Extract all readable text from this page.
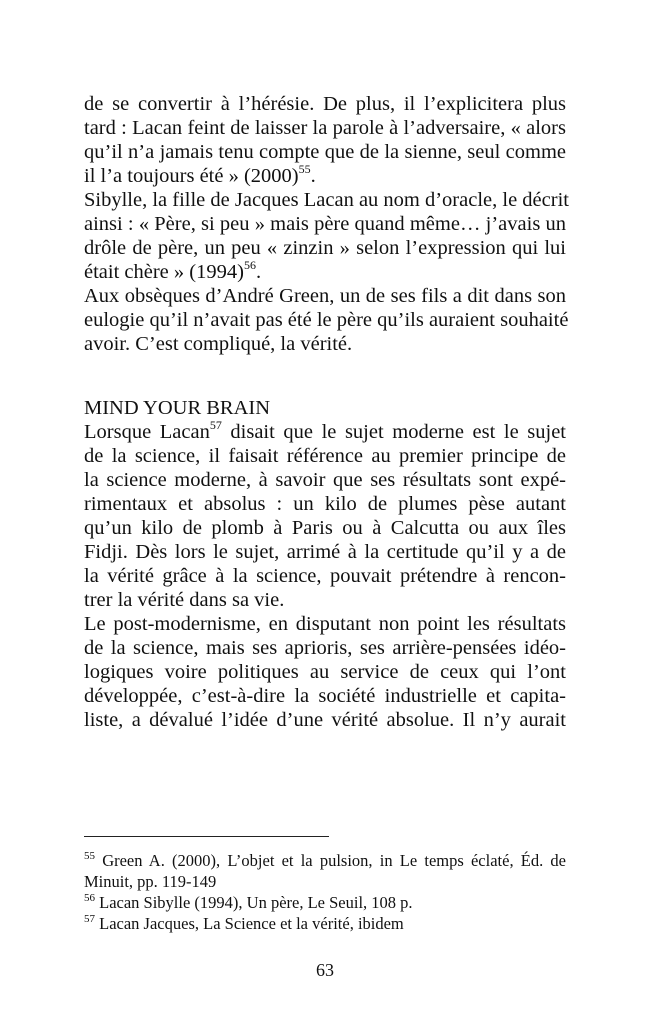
de se convertir à l’hérésie. De plus, il l’explicitera plus
tard : Lacan feint de laisser la parole à l’adversaire, « alors
qu’il n’a jamais tenu compte que de la sienne, seul comme
il l’a toujours été » $(2000)^{55}$.
Sibylle, la fille de Jacques Lacan au nom d’oracle, le décrit
ainsi : « Père, si peu » mais père quand même… j’avais un
drôle de père, un peu « zinzin » selon l’expression qui lui
était chère » $(1994)^{56}$.
Aux obsèques d’André Green, un de ses fils a dit dans son
eulogie qu’il n’avait pas été le père qu’ils auraient souhaité
avoir. C’est compliqué, la vérité.
MIND YOUR BRAIN
Lorsque Lacan$^{57}$ disait que le sujet moderne est le sujet
de la science, il faisait référence au premier principe de
la science moderne, à savoir que ses résultats sont expé-
rimentaux et absolus : un kilo de plumes pèse autant
qu’un kilo de plomb à Paris ou à Calcutta ou aux îles
Fidji. Dès lors le sujet, arrimé à la certitude qu’il y a de
la vérité grâce à la science, pouvait prétendre à rencon-
trer la vérité dans sa vie.
Le post-modernisme, en disputant non point les résultats
de la science, mais ses aprioris, ses arrière-pensées idéo-
logiques voire politiques au service de ceux qui l’ont
développée, c’est-à-dire la société industrielle et capita-
liste, a dévalué l’idée d’une vérité absolue. Il n’y aurait
$^{55}$ Green A. (2000), L’objet et la pulsion, in Le temps éclaté, Éd. de
Minuit, pp. 119-149
$^{56}$ Lacan Sibylle (1994), Un père, Le Seuil, 108 p.
$^{57}$ Lacan Jacques, La Science et la vérité, ibidem
63
